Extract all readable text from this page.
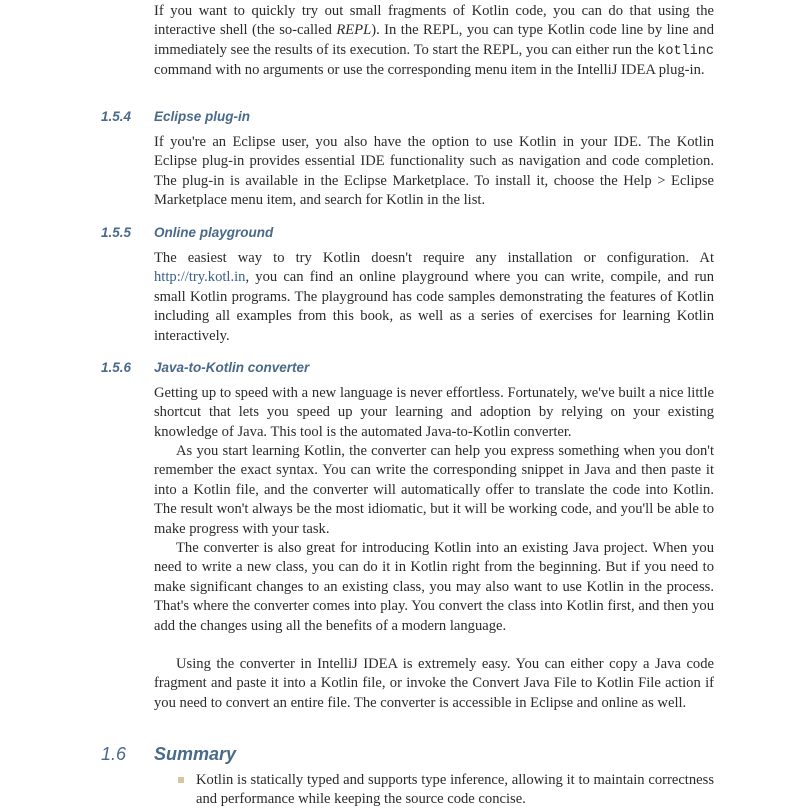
If you want to quickly try out small fragments of Kotlin code, you can do that using the interactive shell (the so-called REPL). In the REPL, you can type Kotlin code line by line and immediately see the results of its execution. To start the REPL, you can either run the kotlinc command with no arguments or use the corresponding menu item in the IntelliJ IDEA plug-in.

1.5.4 Eclipse plug-in

If you're an Eclipse user, you also have the option to use Kotlin in your IDE. The Kotlin Eclipse plug-in provides essential IDE functionality such as navigation and code completion. The plug-in is available in the Eclipse Marketplace. To install it, choose the Help > Eclipse Marketplace menu item, and search for Kotlin in the list.

1.5.5 Online playground

The easiest way to try Kotlin doesn't require any installation or configuration. At http://try.kotl.in, you can find an online playground where you can write, compile, and run small Kotlin programs. The playground has code samples demonstrating the features of Kotlin including all examples from this book, as well as a series of exercises for learning Kotlin interactively.

1.5.6 Java-to-Kotlin converter

Getting up to speed with a new language is never effortless. Fortunately, we've built a nice little shortcut that lets you speed up your learning and adoption by relying on your existing knowledge of Java. This tool is the automated Java-to-Kotlin converter.

As you start learning Kotlin, the converter can help you express something when you don't remember the exact syntax. You can write the corresponding snippet in Java and then paste it into a Kotlin file, and the converter will automatically offer to translate the code into Kotlin. The result won't always be the most idiomatic, but it will be working code, and you'll be able to make progress with your task.

The converter is also great for introducing Kotlin into an existing Java project. When you need to write a new class, you can do it in Kotlin right from the beginning. But if you need to make significant changes to an existing class, you may also want to use Kotlin in the process. That's where the converter comes into play. You convert the class into Kotlin first, and then you add the changes using all the benefits of a modern language.

Using the converter in IntelliJ IDEA is extremely easy. You can either copy a Java code fragment and paste it into a Kotlin file, or invoke the Convert Java File to Kotlin File action if you need to convert an entire file. The converter is accessible in Eclipse and online as well.

1.6 Summary

Kotlin is statically typed and supports type inference, allowing it to maintain correctness and performance while keeping the source code concise.
